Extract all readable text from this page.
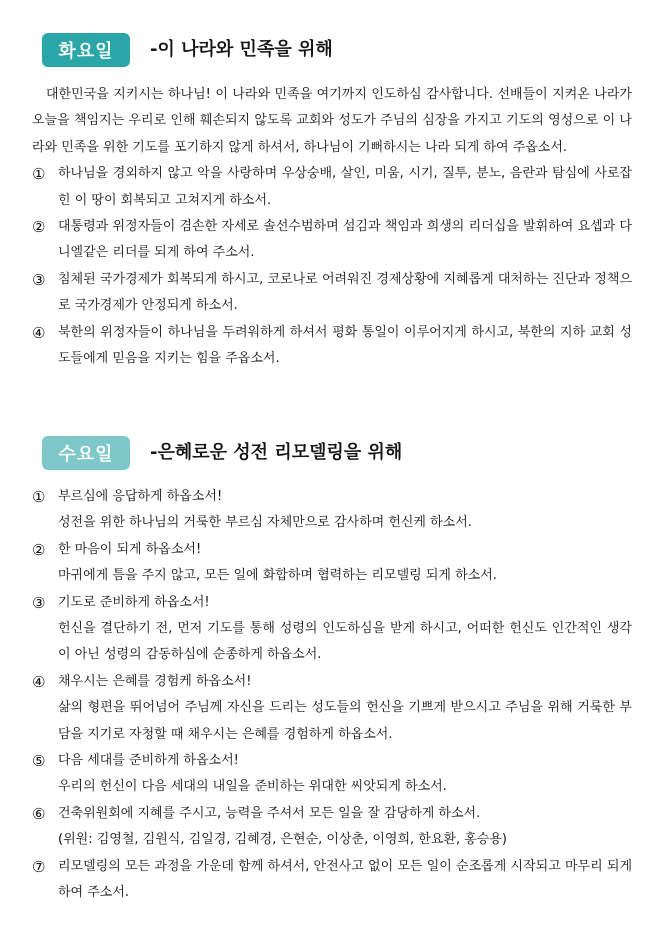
화요일	-이 나라와 민족을 위해

대한민국을 지키시는 하나님! 이 나라와 민족을 여기까지 인도하심 감사합니다. 선배들이 지켜온 나라가 오늘을 책임지는 우리로 인해 훼손되지 않도록 교회와 성도가 주님의 심장을 가지고 기도의 영성으로 이 나라와 민족을 위한 기도를 포기하지 않게 하셔서, 하나님이 기뻐하시는 나라 되게 하여 주옵소서.

① 하나님을 경외하지 않고 악을 사랑하며 우상숭배, 살인, 미움, 시기, 질투, 분노, 음란과 탐심에 사로잡힌 이 땅이 회복되고 고쳐지게 하소서.
② 대통령과 위정자들이 겸손한 자세로 솔선수범하며 섬김과 책임과 희생의 리더십을 발휘하여 요셉과 다니엘같은 리더를 되게 하여 주소서.
③ 침체된 국가경제가 회복되게 하시고, 코로나로 어려워진 경제상황에 지혜롭게 대처하는 진단과 정책으로 국가경제가 안정되게 하소서.
④ 북한의 위정자들이 하나님을 두려워하게 하셔서 평화 통일이 이루어지게 하시고, 북한의 지하 교회 성도들에게 믿음을 지키는 힘을 주옵소서.
수요일	-은혜로운 성전 리모델링을 위해
① 부르심에 응답하게 하옵소서!
성전을 위한 하나님의 거룩한 부르심 자체만으로 감사하며 헌신케 하소서.
② 한 마음이 되게 하옵소서!
마귀에게 틈을 주지 않고, 모든 일에 화합하며 협력하는 리모델링 되게 하소서.
③ 기도로 준비하게 하옵소서!
헌신을 결단하기 전, 먼저 기도를 통해 성령의 인도하심을 받게 하시고, 어떠한 헌신도 인간적인 생각이 아닌 성령의 감동하심에 순종하게 하옵소서.
④ 채우시는 은혜를 경험케 하옵소서!
삶의 형편을 뛰어넘어 주님께 자신을 드리는 성도들의 헌신을 기쁘게 받으시고 주님을 위해 거룩한 부담을 지기로 자청할 때 채우시는 은혜를 경험하게 하옵소서.
⑤ 다음 세대를 준비하게 하옵소서!
우리의 헌신이 다음 세대의 내일을 준비하는 위대한 씨앗되게 하소서.
⑥ 건축위원회에 지혜를 주시고, 능력을 주셔서 모든 일을 잘 감당하게 하소서.
(위원: 김영철, 김원식, 김일경, 김혜경, 은현순, 이상춘, 이영희, 한요환, 홍승용)
⑦ 리모델링의 모든 과정을 가운데 함께 하셔서, 안전사고 없이 모든 일이 순조롭게 시작되고 마무리 되게 하여 주소서.
